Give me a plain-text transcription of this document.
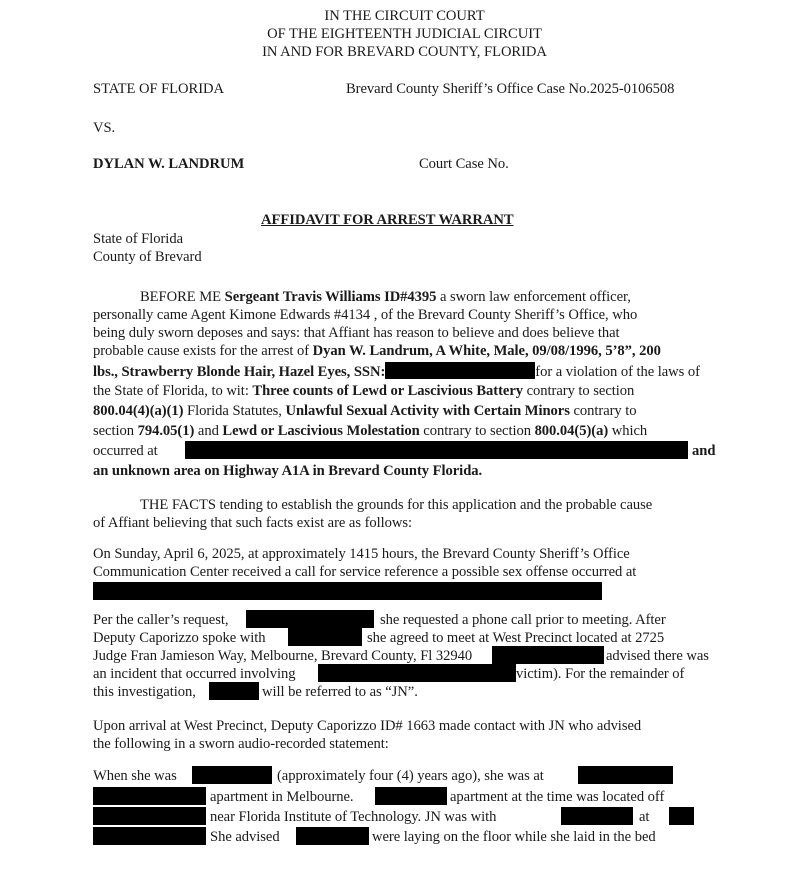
IN THE CIRCUIT COURT
OF THE EIGHTEENTH JUDICIAL CIRCUIT
IN AND FOR BREVARD COUNTY, FLORIDA
STATE OF FLORIDA	Brevard County Sheriff’s Office Case No.2025-0106508
VS.
DYLAN W. LANDRUM	Court Case No.
AFFIDAVIT FOR ARREST WARRANT
State of Florida
County of Brevard
BEFORE ME Sergeant Travis Williams ID#4395 a sworn law enforcement officer,
personally came Agent Kimone Edwards #4134 , of the Brevard County Sheriff’s Office, who
being duly sworn deposes and says: that Affiant has reason to believe and does believe that
probable cause exists for the arrest of Dyan W. Landrum, A White, Male, 09/08/1996, 5’8”, 200
lbs., Strawberry Blonde Hair, Hazel Eyes, SSN:	for a violation of the laws of
the State of Florida, to wit: Three counts of Lewd or Lascivious Battery contrary to section
800.04(4)(a)(1) Florida Statutes, Unlawful Sexual Activity with Certain Minors contrary to
section 794.05(1) and Lewd or Lascivious Molestation contrary to section 800.04(5)(a) which
occurred at	and
an unknown area on Highway A1A in Brevard County Florida.
THE FACTS tending to establish the grounds for this application and the probable cause
of Affiant believing that such facts exist are as follows:
On Sunday, April 6, 2025, at approximately 1415 hours, the Brevard County Sheriff’s Office
Communication Center received a call for service reference a possible sex offense occurred at
Per the caller’s request,	she requested a phone call prior to meeting. After
Deputy Caporizzo spoke with	she agreed to meet at West Precinct located at 2725
Judge Fran Jamieson Way, Melbourne, Brevard County, Fl 32940	advised there was
an incident that occurred involving	victim). For the remainder of
this investigation,	will be referred to as “JN”.
Upon arrival at West Precinct, Deputy Caporizzo ID# 1663 made contact with JN who advised
the following in a sworn audio-recorded statement:
When she was	(approximately four (4) years ago), she was at
apartment in Melbourne.	apartment at the time was located off
near Florida Institute of Technology. JN was with	at
She advised	were laying on the floor while she laid in the bed
